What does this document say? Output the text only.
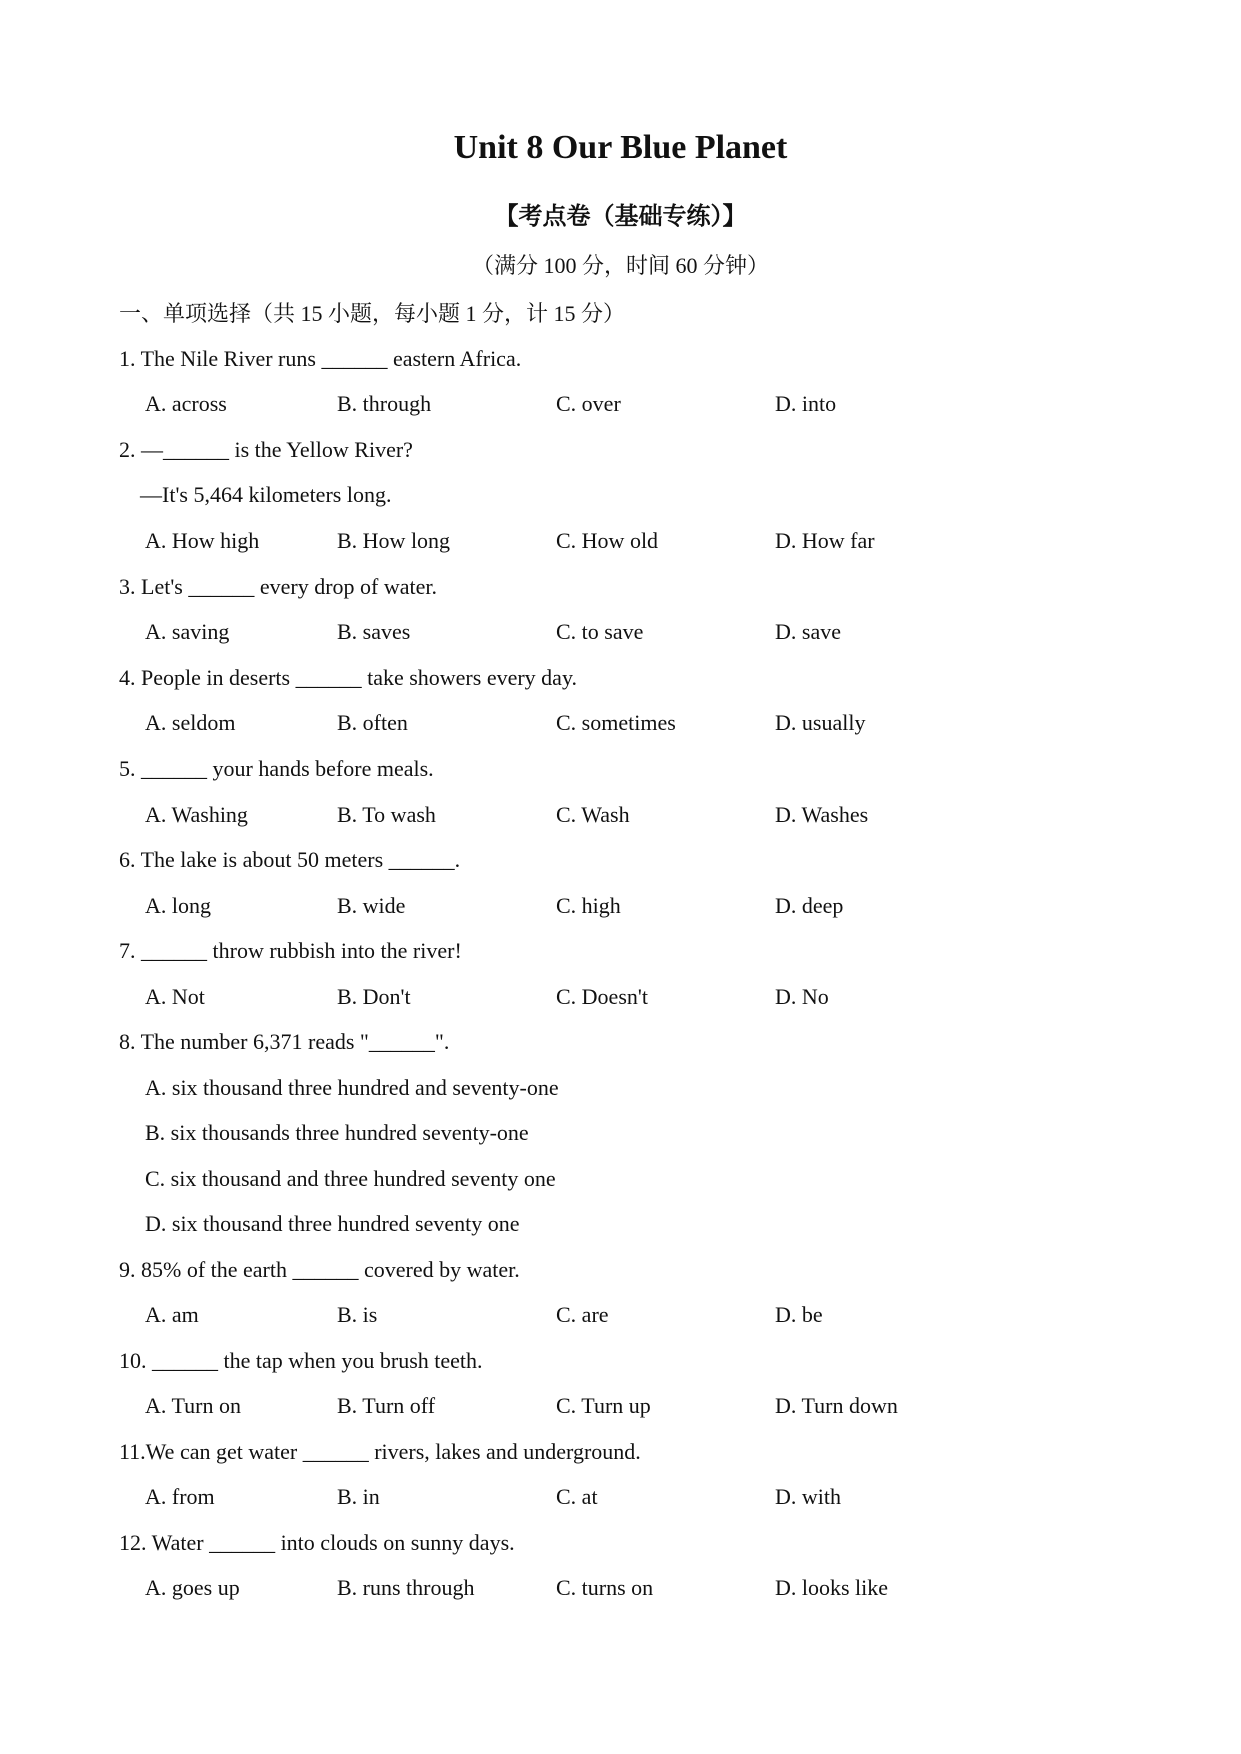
Unit 8 Our Blue Planet
【考点卷（基础专练）】
（满分 100 分，时间 60 分钟）
一、单项选择（共 15 小题，每小题 1 分，计 15 分）
1. The Nile River runs ______ eastern Africa.
A. across	B. through	C. over	D. into
2. —______ is the Yellow River?
—It's 5,464 kilometers long.
A. How high	B. How long	C. How old	D. How far
3. Let's ______ every drop of water.
A. saving	B. saves	C. to save	D. save
4. People in deserts ______ take showers every day.
A. seldom	B. often	C. sometimes	D. usually
5. ______ your hands before meals.
A. Washing	B. To wash	C. Wash	D. Washes
6. The lake is about 50 meters ______.
A. long	B. wide	C. high	D. deep
7. ______ throw rubbish into the river!
A. Not	B. Don't	C. Doesn't	D. No
8. The number 6,371 reads "______".
A. six thousand three hundred and seventy-one
B. six thousands three hundred seventy-one
C. six thousand and three hundred seventy one
D. six thousand three hundred seventy one
9. 85% of the earth ______ covered by water.
A. am	B. is	C. are	D. be
10. ______ the tap when you brush teeth.
A. Turn on	B. Turn off	C. Turn up	D. Turn down
11.We can get water ______ rivers, lakes and underground.
A. from	B. in	C. at	D. with
12. Water ______ into clouds on sunny days.
A. goes up	B. runs through	C. turns on	D. looks like
